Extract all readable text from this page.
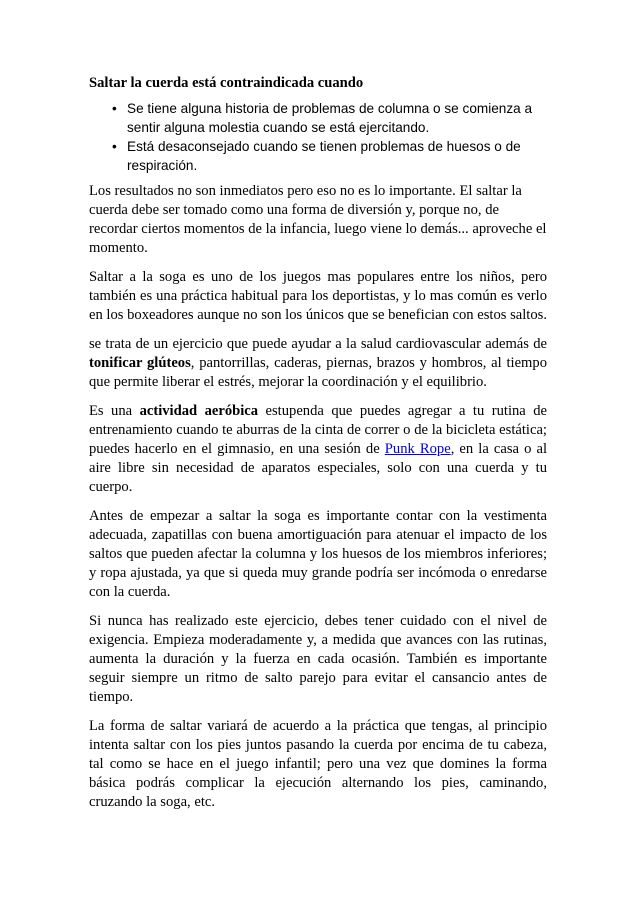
Saltar la cuerda está contraindicada cuando
• Se tiene alguna historia de problemas de columna o se comienza a sentir alguna molestia cuando se está ejercitando.
• Está desaconsejado cuando se tienen problemas de huesos o de respiración.

Los resultados no son inmediatos pero eso no es lo importante. El saltar la cuerda debe ser tomado como una forma de diversión y, porque no, de recordar ciertos momentos de la infancia, luego viene lo demás... aproveche el momento.

Saltar a la soga es uno de los juegos mas populares entre los niños, pero también es una práctica habitual para los deportistas, y lo mas común es verlo en los boxeadores aunque no son los únicos que se benefician con estos saltos.

se trata de un ejercicio que puede ayudar a la salud cardiovascular además de tonificar glúteos, pantorrillas, caderas, piernas, brazos y hombros, al tiempo que permite liberar el estrés, mejorar la coordinación y el equilibrio.

Es una actividad aeróbica estupenda que puedes agregar a tu rutina de entrenamiento cuando te aburras de la cinta de correr o de la bicicleta estática; puedes hacerlo en el gimnasio, en una sesión de Punk Rope, en la casa o al aire libre sin necesidad de aparatos especiales, solo con una cuerda y tu cuerpo.

Antes de empezar a saltar la soga es importante contar con la vestimenta adecuada, zapatillas con buena amortiguación para atenuar el impacto de los saltos que pueden afectar la columna y los huesos de los miembros inferiores; y ropa ajustada, ya que si queda muy grande podría ser incómoda o enredarse con la cuerda.

Si nunca has realizado este ejercicio, debes tener cuidado con el nivel de exigencia. Empieza moderadamente y, a medida que avances con las rutinas, aumenta la duración y la fuerza en cada ocasión. También es importante seguir siempre un ritmo de salto parejo para evitar el cansancio antes de tiempo.

La forma de saltar variará de acuerdo a la práctica que tengas, al principio intenta saltar con los pies juntos pasando la cuerda por encima de tu cabeza, tal como se hace en el juego infantil; pero una vez que domines la forma básica podrás complicar la ejecución alternando los pies, caminando, cruzando la soga, etc.
